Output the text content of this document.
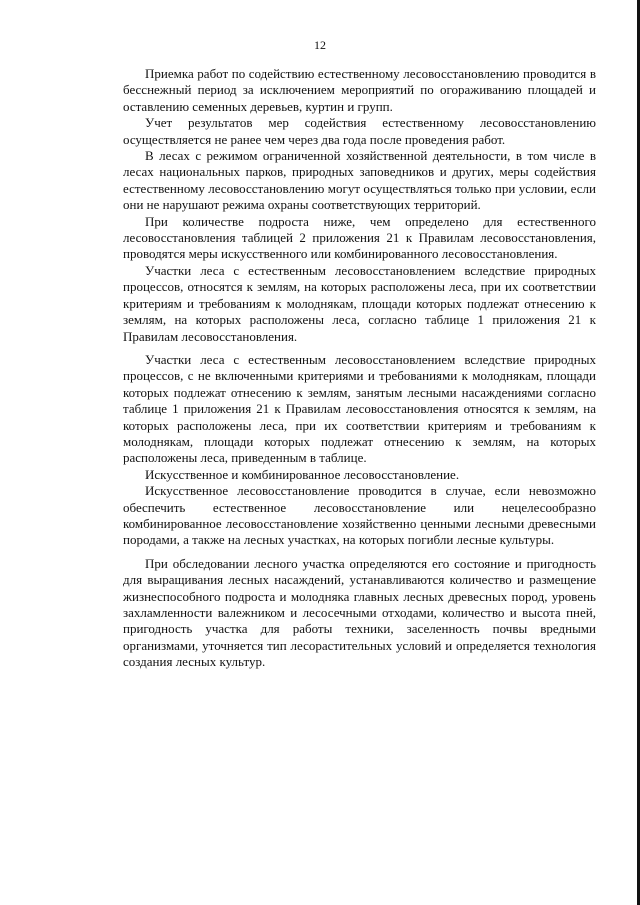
12

Приемка работ по содействию естественному лесовосстановлению проводится в бесснежный период за исключением мероприятий по огораживанию площадей и оставлению семенных деревьев, куртин и групп.

Учет результатов мер содействия естественному лесовосстановлению осуществляется не ранее чем через два года после проведения работ.

В лесах с режимом ограниченной хозяйственной деятельности, в том числе в лесах национальных парков, природных заповедников и других, меры содействия естественному лесовосстановлению могут осуществляться только при условии, если они не нарушают режима охраны соответствующих территорий.

При количестве подроста ниже, чем определено для естественного лесовосстановления таблицей 2 приложения 21 к Правилам лесовосстановления, проводятся меры искусственного или комбинированного лесовосстановления.

Участки леса с естественным лесовосстановлением вследствие природных процессов, относятся к землям, на которых расположены леса, при их соответствии критериям и требованиям к молоднякам, площади которых подлежат отнесению к землям, на которых расположены леса, согласно таблице 1 приложения 21 к Правилам лесовосстановления.

Участки леса с естественным лесовосстановлением вследствие природных процессов, с не включенными критериями и требованиями к молоднякам, площади которых подлежат отнесению к землям, занятым лесными насаждениями согласно таблице 1 приложения 21 к Правилам лесовосстановления относятся к землям, на которых расположены леса, при их соответствии критериям и требованиям к молоднякам, площади которых подлежат отнесению к землям, на которых расположены леса, приведенным в таблице.

Искусственное и комбинированное лесовосстановление.

Искусственное лесовосстановление проводится в случае, если невозможно обеспечить естественное лесовосстановление или нецелесообразно комбинированное лесовосстановление хозяйственно ценными лесными древесными породами, а также на лесных участках, на которых погибли лесные культуры.

При обследовании лесного участка определяются его состояние и пригодность для выращивания лесных насаждений, устанавливаются количество и размещение жизнеспособного подроста и молодняка главных лесных древесных пород, уровень захламленности валежником и лесосечными отходами, количество и высота пней, пригодность участка для работы техники, заселенность почвы вредными организмами, уточняется тип лесорастительных условий и определяется технология создания лесных культур.
